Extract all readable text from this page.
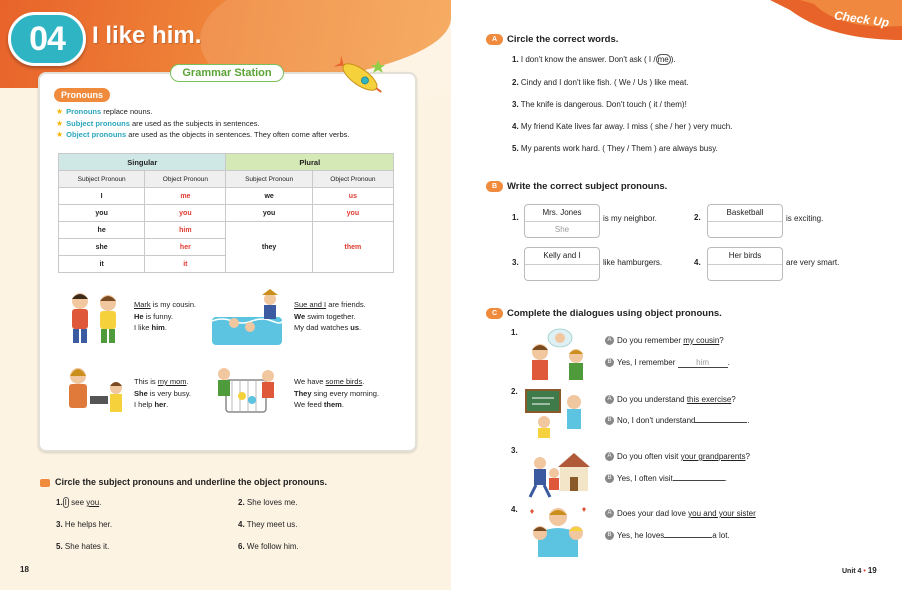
04	I like him.
Grammar Station
Pronouns
★ Pronouns replace nouns.
★ Subject pronouns are used as the subjects in sentences.
★ Object pronouns are used as the objects in sentences. They often come after verbs.
Singular		Plural	
Subject Pronoun	Object Pronoun	Subject Pronoun	Object Pronoun
I	me	we	us
you	you	you	you
he	him	they	them
she	her		
it	it		
Mark is my cousin.
He is funny.
I like him.
Sue and I are friends.
We swim together.
My dad watches us.
This is my mom.
She is very busy.
I help her.
We have some birds.
They sing every morning.
We feed them.
Circle the subject pronouns and underline the object pronouns.
1. I see you.	2. She loves me.
3. He helps her.	4. They meet us.
5. She hates it.	6. We follow him.
18
Check Up
A Circle the correct words.
1. I don't know the answer. Don't ask ( I / me ).
2. Cindy and I don't like fish. ( We / Us ) like meat.
3. The knife is dangerous. Don't touch ( it / them)!
4. My friend Kate lives far away. I miss ( she / her ) very much.
5. My parents work hard. ( They / Them ) are always busy.
B Write the correct subject pronouns.
1.
Mrs. Jones
She
is my neighbor.	2.
Basketball
is exciting.
3.
Kelly and I
like hamburgers.	4.
Her birds
are very smart.
C Complete the dialogues using object pronouns.
1.
A Do you remember my cousin?
B Yes, I remember him .
2.
A Do you understand this exercise?
B No, I don't understand	.
3.
A Do you often visit your grandparents?
B Yes, I often visit	.
4.	A Does your dad love you and your sister
B Yes, he loves	a lot.
Unit 4 • 19
